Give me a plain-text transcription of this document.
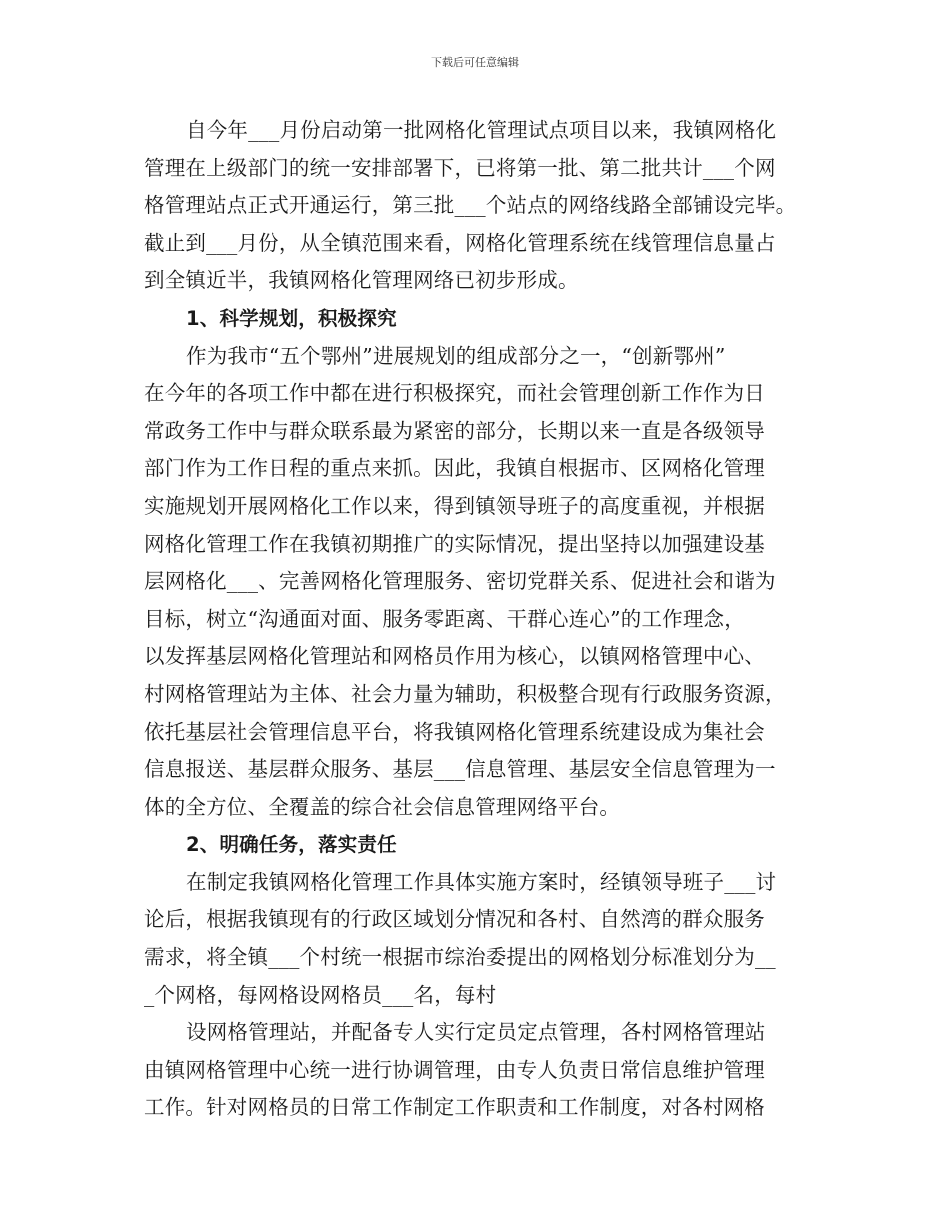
下载后可任意编辑
自今年___月份启动第一批网格化管理试点项目以来，我镇网格化
管理在上级部门的统一安排部署下，已将第一批、第二批共计___个网
格管理站点正式开通运行，第三批___个站点的网络线路全部铺设完毕。
截止到___月份，从全镇范围来看，网格化管理系统在线管理信息量占
到全镇近半，我镇网格化管理网络已初步形成。
1、科学规划，积极探究
作为我市“五个鄂州”进展规划的组成部分之一，“创新鄂州”
在今年的各项工作中都在进行积极探究，而社会管理创新工作作为日
常政务工作中与群众联系最为紧密的部分，长期以来一直是各级领导
部门作为工作日程的重点来抓。因此，我镇自根据市、区网格化管理
实施规划开展网格化工作以来，得到镇领导班子的高度重视，并根据
网格化管理工作在我镇初期推广的实际情况，提出坚持以加强建设基
层网格化___、完善网格化管理服务、密切党群关系、促进社会和谐为
目标，树立“沟通面对面、服务零距离、干群心连心”的工作理念，
以发挥基层网格化管理站和网格员作用为核心，以镇网格管理中心、
村网格管理站为主体、社会力量为辅助，积极整合现有行政服务资源，
依托基层社会管理信息平台，将我镇网格化管理系统建设成为集社会
信息报送、基层群众服务、基层___信息管理、基层安全信息管理为一
体的全方位、全覆盖的综合社会信息管理网络平台。
2、明确任务，落实责任
在制定我镇网格化管理工作具体实施方案时，经镇领导班子___讨
论后，根据我镇现有的行政区域划分情况和各村、自然湾的群众服务
需求，将全镇___个村统一根据市综治委提出的网格划分标准划分为__
_个网格，每网格设网格员___名，每村
设网格管理站，并配备专人实行定员定点管理，各村网格管理站
由镇网格管理中心统一进行协调管理，由专人负责日常信息维护管理
工作。针对网格员的日常工作制定工作职责和工作制度，对各村网格
